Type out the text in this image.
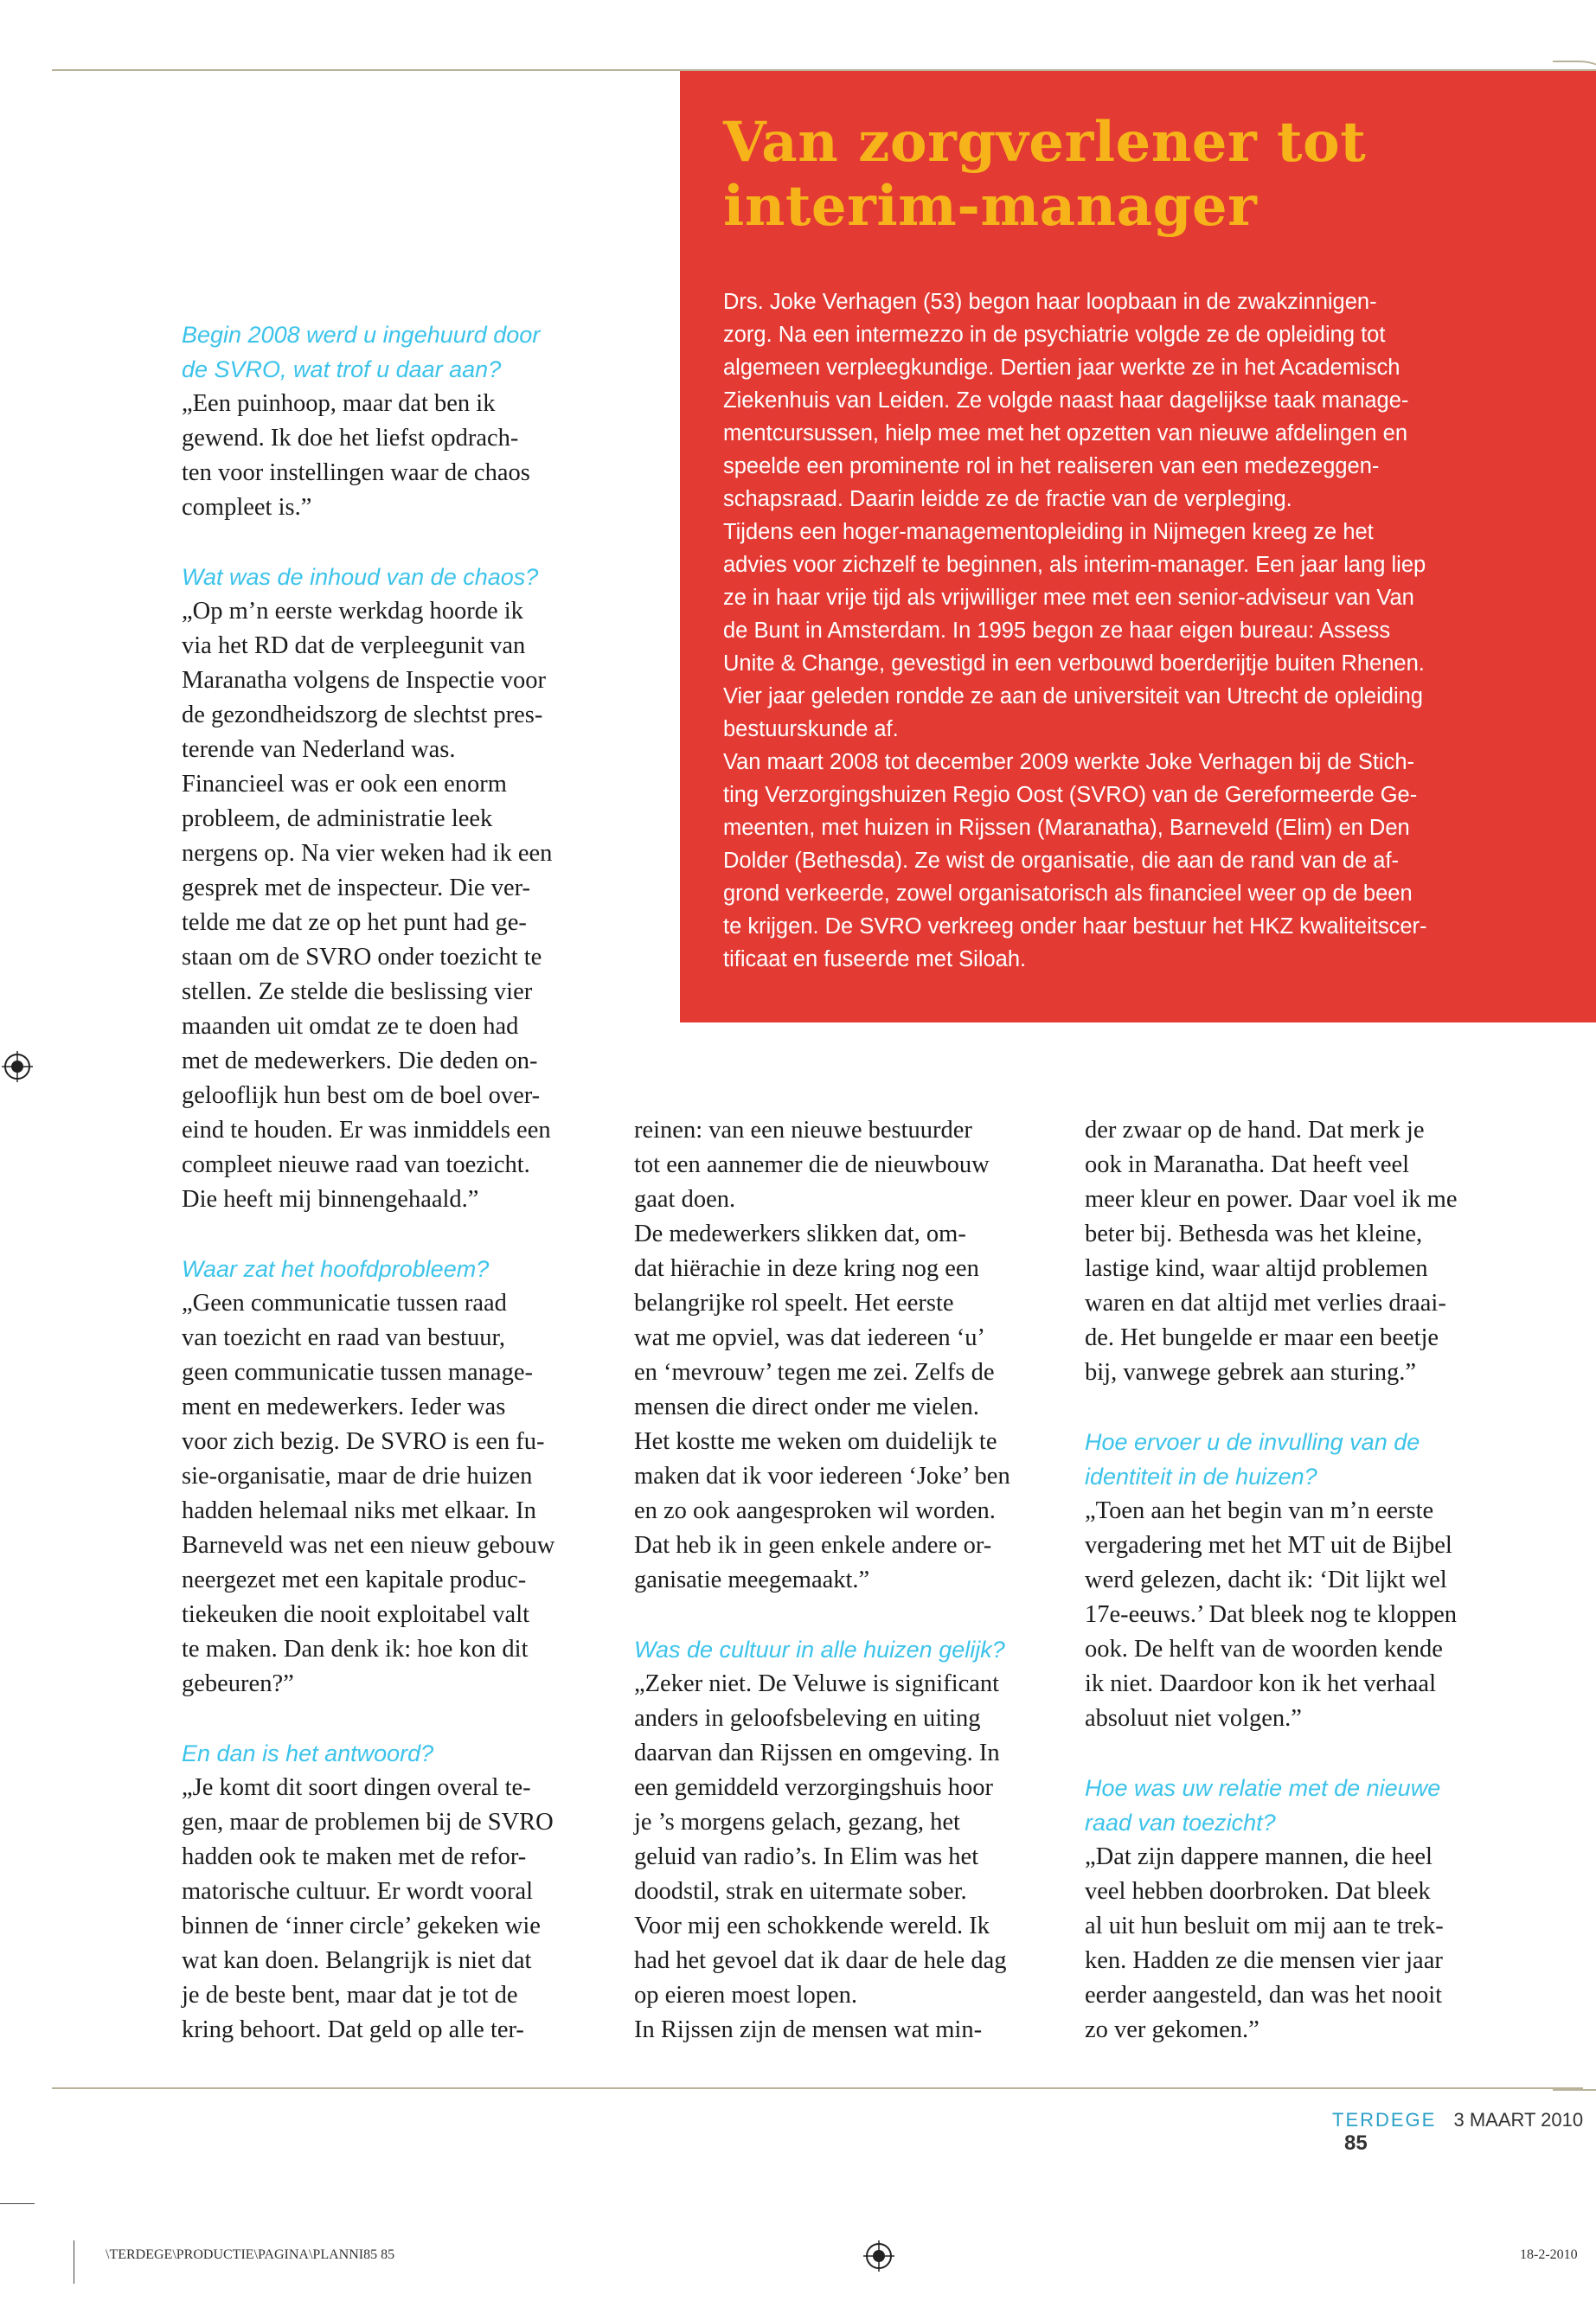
Van zorgverlener tot
interim-manager

Drs. Joke Verhagen (53) begon haar loopbaan in de zwakzinnigen-

zorg. Na een intermezzo in de psychiatrie volgde ze de opleiding tot

algemeen verpleegkundige. Dertien jaar werkte ze in het Academisch

Ziekenhuis van Leiden. Ze volgde naast haar dagelijkse taak manage-

mentcursussen, hielp mee met het opzetten van nieuwe afdelingen en

speelde een prominente rol in het realiseren van een medezeggen-

schapsraad. Daarin leidde ze de fractie van de verpleging.

Tijdens een hoger-managementopleiding in Nijmegen kreeg ze het

advies voor zichzelf te beginnen, als interim-manager. Een jaar lang liep

ze in haar vrije tijd als vrijwilliger mee met een senior-adviseur van Van

de Bunt in Amsterdam. In 1995 begon ze haar eigen bureau: Assess

Unite & Change, gevestigd in een verbouwd boerderijtje buiten Rhenen.

Vier jaar geleden rondde ze aan de universiteit van Utrecht de opleiding

bestuurskunde af.

Van maart 2008 tot december 2009 werkte Joke Verhagen bij de Stich-

ting Verzorgingshuizen Regio Oost (SVRO) van de Gereformeerde Ge-

meenten, met huizen in Rijssen (Maranatha), Barneveld (Elim) en Den

Dolder (Bethesda). Ze wist de organisatie, die aan de rand van de af-

grond verkeerde, zowel organisatorisch als financieel weer op de been

te krijgen. De SVRO verkreeg onder haar bestuur het HKZ kwaliteitscer-

tificaat en fuseerde met Siloah.

Begin 2008 werd u ingehuurd door

de SVRO, wat trof u daar aan?

„Een puinhoop, maar dat ben ik

gewend. Ik doe het liefst opdrach-

ten voor instellingen waar de chaos

compleet is.”

Wat was de inhoud van de chaos?

„Op m’n eerste werkdag hoorde ik

via het RD dat de verpleegunit van

Maranatha volgens de Inspectie voor

de gezondheidszorg de slechtst pres-

terende van Nederland was.

Financieel was er ook een enorm

probleem, de administratie leek

nergens op. Na vier weken had ik een

gesprek met de inspecteur. Die ver-

telde me dat ze op het punt had ge-

staan om de SVRO onder toezicht te

stellen. Ze stelde die beslissing vier

maanden uit omdat ze te doen had

met de medewerkers. Die deden on-

gelooflijk hun best om de boel over-

eind te houden. Er was inmiddels een

compleet nieuwe raad van toezicht.

Die heeft mij binnengehaald.”

Waar zat het hoofdprobleem?

„Geen communicatie tussen raad

van toezicht en raad van bestuur,

geen communicatie tussen manage-

ment en medewerkers. Ieder was

voor zich bezig. De SVRO is een fu-

sie-organisatie, maar de drie huizen

hadden helemaal niks met elkaar. In

Barneveld was net een nieuw gebouw

neergezet met een kapitale produc-

tiekeuken die nooit exploitabel valt

te maken. Dan denk ik: hoe kon dit

gebeuren?”

En dan is het antwoord?

„Je komt dit soort dingen overal te-

gen, maar de problemen bij de SVRO

hadden ook te maken met de refor-

matorische cultuur. Er wordt vooral

binnen de ‘inner circle’ gekeken wie

wat kan doen. Belangrijk is niet dat

je de beste bent, maar dat je tot de

kring behoort. Dat geld op alle ter-

reinen: van een nieuwe bestuurder

tot een aannemer die de nieuwbouw

gaat doen.

De medewerkers slikken dat, om-

dat hiërachie in deze kring nog een

belangrijke rol speelt. Het eerste

wat me opviel, was dat iedereen ‘u’

en ‘mevrouw’ tegen me zei. Zelfs de

mensen die direct onder me vielen.

Het kostte me weken om duidelijk te

maken dat ik voor iedereen ‘Joke’ ben

en zo ook aangesproken wil worden.

Dat heb ik in geen enkele andere or-

ganisatie meegemaakt.”

Was de cultuur in alle huizen gelijk?

„Zeker niet. De Veluwe is significant

anders in geloofsbeleving en uiting

daarvan dan Rijssen en omgeving. In

een gemiddeld verzorgingshuis hoor

je ’s morgens gelach, gezang, het

geluid van radio’s. In Elim was het

doodstil, strak en uitermate sober.

Voor mij een schokkende wereld. Ik

had het gevoel dat ik daar de hele dag

op eieren moest lopen.

In Rijssen zijn de mensen wat min-

der zwaar op de hand. Dat merk je

ook in Maranatha. Dat heeft veel

meer kleur en power. Daar voel ik me

beter bij. Bethesda was het kleine,

lastige kind, waar altijd problemen

waren en dat altijd met verlies draai-

de. Het bungelde er maar een beetje

bij, vanwege gebrek aan sturing.”

Hoe ervoer u de invulling van de

identiteit in de huizen?

„Toen aan het begin van m’n eerste

vergadering met het MT uit de Bijbel

werd gelezen, dacht ik: ‘Dit lijkt wel

17e-eeuws.’ Dat bleek nog te kloppen

ook. De helft van de woorden kende

ik niet. Daardoor kon ik het verhaal

absoluut niet volgen.”

Hoe was uw relatie met de nieuwe

raad van toezicht?

„Dat zijn dappere mannen, die heel

veel hebben doorbroken. Dat bleek

al uit hun besluit om mij aan te trek-

ken. Hadden ze die mensen vier jaar

eerder aangesteld, dan was het nooit

zo ver gekomen.”

TERDEGE 3 MAART 2010 85
\TERDEGE\PRODUCTIE\PAGINA\PLANNI85 85	18-2-2010
